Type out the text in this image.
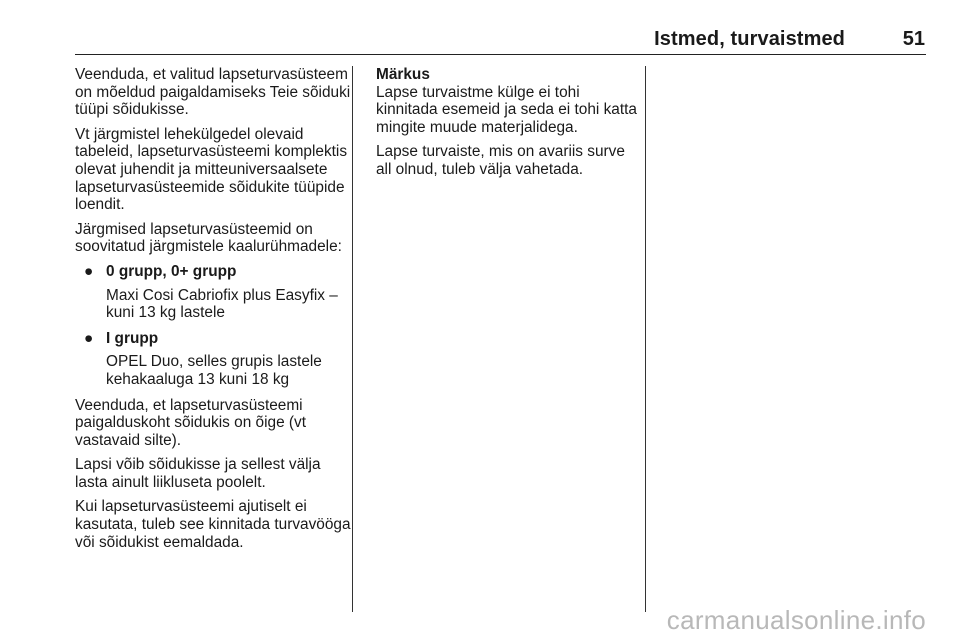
Istmed, turvaistmed	51

Veenduda, et valitud lapseturvasüsteem on mõeldud paigaldamiseks Teie sõiduki tüüpi sõidukisse.

Vt järgmistel lehekülgedel olevaid tabeleid, lapseturvasüsteemi komplektis olevat juhendit ja mitteuniversaalsete lapseturvasüsteemide sõidukite tüüpide loendit.

Järgmised lapseturvasüsteemid on soovitatud järgmistele kaalurühmadele:

● 0 grupp, 0+ grupp
Maxi Cosi Cabriofix plus Easyfix – kuni 13 kg lastele
● I grupp
OPEL Duo, selles grupis lastele kehakaaluga 13 kuni 18 kg

Veenduda, et lapseturvasüsteemi paigalduskoht sõidukis on õige (vt vastavaid silte).

Lapsi võib sõidukisse ja sellest välja lasta ainult liikluseta poolelt.

Kui lapseturvasüsteemi ajutiselt ei kasutata, tuleb see kinnitada turvavööga või sõidukist eemaldada.

Märkus
Lapse turvaistme külge ei tohi kinnitada esemeid ja seda ei tohi katta mingite muude materjalidega.

Lapse turvaiste, mis on avariis surve all olnud, tuleb välja vahetada.

carmanualsonline.info
